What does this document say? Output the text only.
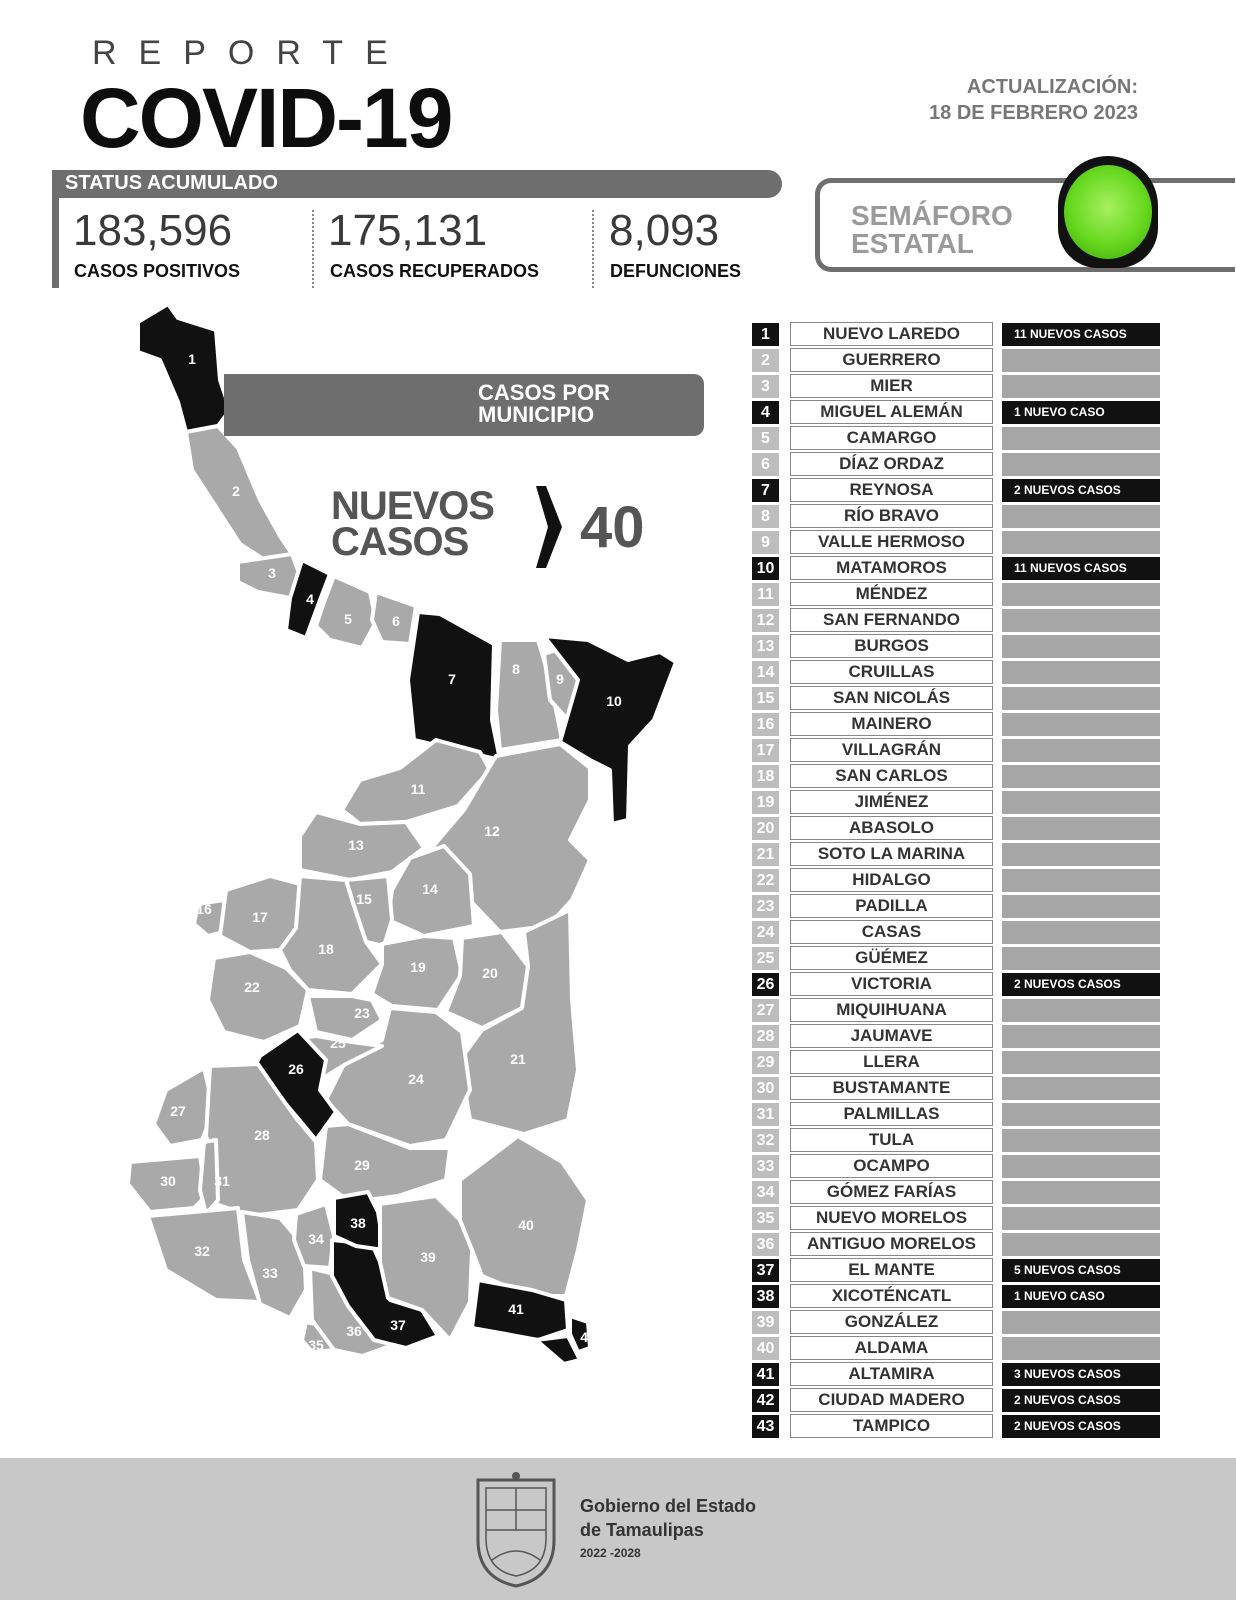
REPORTE
COVID-19	ACTUALIZACIÓN:
18 DE FEBRERO 2023
STATUS ACUMULADO
183,596
CASOS POSITIVOS
175,131
CASOS RECUPERADOS
8,093
DEFUNCIONES
SEMÁFORO
ESTATAL
1
2
3
4
5	6
7
8
9
10
11
12
13
14
15
16	17
18
19	20
21
22
23
24
25
26
27
28
29
30	31
32
33
34
35
36 37
38
39
40
41
42
43
CASOS POR
MUNICIPIO
NUEVOS
CASOS	40
1	NUEVO LAREDO	11 NUEVOS CASOS
2	GUERRERO
3	MIER
4	MIGUEL ALEMÁN	1 NUEVO CASO
5	CAMARGO
6	DÍAZ ORDAZ
7	REYNOSA	2 NUEVOS CASOS
8	RÍO BRAVO
9	VALLE HERMOSO
10	MATAMOROS	11 NUEVOS CASOS
11	MÉNDEZ
12	SAN FERNANDO
13	BURGOS
14	CRUILLAS
15	SAN NICOLÁS
16	MAINERO
17	VILLAGRÁN
18	SAN CARLOS
19	JIMÉNEZ
20	ABASOLO
21	SOTO LA MARINA
22	HIDALGO
23	PADILLA
24	CASAS
25	GÜÉMEZ
26	VICTORIA	2 NUEVOS CASOS
27	MIQUIHUANA
28	JAUMAVE
29	LLERA
30	BUSTAMANTE
31	PALMILLAS
32	TULA
33	OCAMPO
34	GÓMEZ FARÍAS
35	NUEVO MORELOS
36	ANTIGUO MORELOS
37	EL MANTE	5 NUEVOS CASOS
38	XICOTÉNCATL	1 NUEVO CASO
39	GONZÁLEZ
40	ALDAMA
41	ALTAMIRA	3 NUEVOS CASOS
42	CIUDAD MADERO	2 NUEVOS CASOS
43	TAMPICO	2 NUEVOS CASOS
Gobierno del Estado
de Tamaulipas
2022 -2028
